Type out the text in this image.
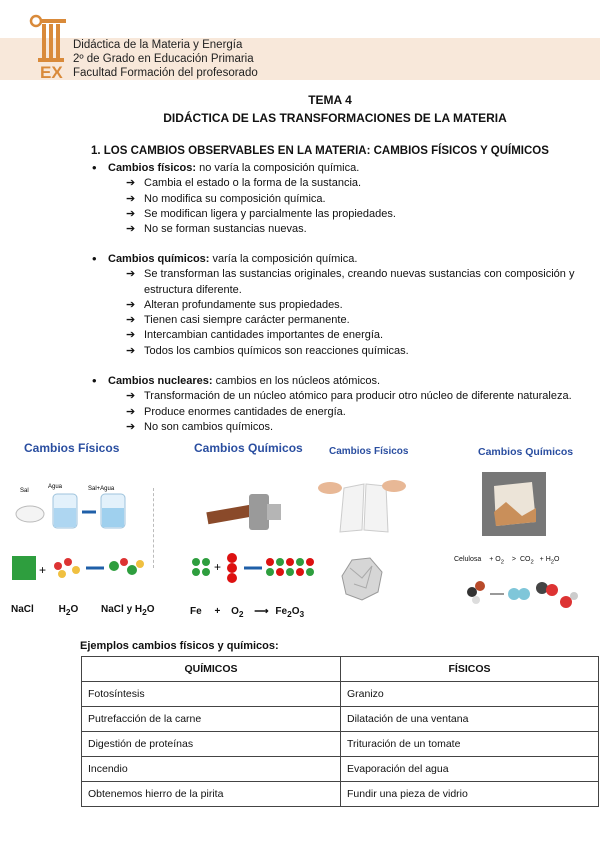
EX
Didáctica de la Materia y Energía
2º de Grado en Educación Primaria
Facultad Formación del profesorado
TEMA 4
DIDÁCTICA DE LAS TRANSFORMACIONES DE LA MATERIA
1. LOS CAMBIOS OBSERVABLES EN LA MATERIA: CAMBIOS FÍSICOS Y QUÍMICOS
• Cambios físicos: no varía la composición química.
➔ Cambia el estado o la forma de la sustancia.
➔ No modifica su composición química.
➔ Se modifican ligera y parcialmente las propiedades.
➔ No se forman sustancias nuevas.
• Cambios químicos: varía la composición química.
➔ Se transforman las sustancias originales, creando nuevas sustancias con composición y estructura diferente.
➔ Alteran profundamente sus propiedades.
➔ Tienen casi siempre carácter permanente.
➔ Intercambian cantidades importantes de energía.
➔ Todos los cambios químicos son reacciones químicas.
• Cambios nucleares: cambios en los núcleos atómicos.
➔ Transformación de un núcleo atómico para producir otro núcleo de diferente naturaleza.
➔ Produce enormes cantidades de energía.
➔ No son cambios químicos.
Cambios Físicos	Cambios Químicos	Cambios Físicos	Cambios Químicos
Sal
Agua	Sal+Agua
+
NaCl $H_2O$ NaCl y $H_2O$
+
$Fe + O_2$ ⟶ $Fe_2O_3$
Celulosa + $O_2 > CO_2 + H_2O$
Ejemplos cambios físicos y químicos:
QUÍMICOS	FÍSICOS
Fotosíntesis	Granizo
Putrefacción de la carne	Dilatación de una ventana
Digestión de proteínas	Trituración de un tomate
Incendio	Evaporación del agua
Obtenemos hierro de la pirita	Fundir una pieza de vidrio
